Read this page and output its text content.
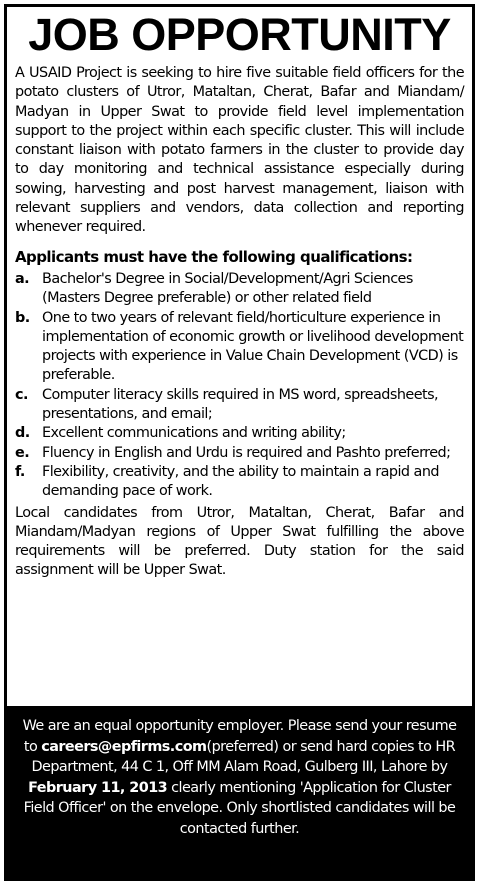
JOB OPPORTUNITY

A USAID Project is seeking to hire five suitable field officers for the potato clusters of Utror, Mataltan, Cherat, Bafar and Miandam/ Madyan in Upper Swat to provide field level implementation support to the project within each specific cluster. This will include constant liaison with potato farmers in the cluster to provide day to day monitoring and technical assistance especially during sowing, harvesting and post harvest management, liaison with relevant suppliers and vendors, data collection and reporting whenever required.

Applicants must have the following qualifications:
a. Bachelor's Degree in Social/Development/Agri Sciences (Masters Degree preferable) or other related field
b. One to two years of relevant field/horticulture experience in implementation of economic growth or livelihood development projects with experience in Value Chain Development (VCD) is preferable.
c. Computer literacy skills required in MS word, spreadsheets, presentations, and email;
d. Excellent communications and writing ability;
e. Fluency in English and Urdu is required and Pashto preferred;
f.	Flexibility, creativity, and the ability to maintain a rapid and demanding pace of work.

Local candidates from Utror, Mataltan, Cherat, Bafar and Miandam/Madyan regions of Upper Swat fulfilling the above requirements will be preferred. Duty station for the said assignment will be Upper Swat.

We are an equal opportunity employer. Please send your resume to careers@epfirms.com(preferred) or send hard copies to HR Department, 44 C 1, Off MM Alam Road, Gulberg III, Lahore by February 11, 2013 clearly mentioning 'Application for Cluster Field Officer' on the envelope. Only shortlisted candidates will be contacted further.
